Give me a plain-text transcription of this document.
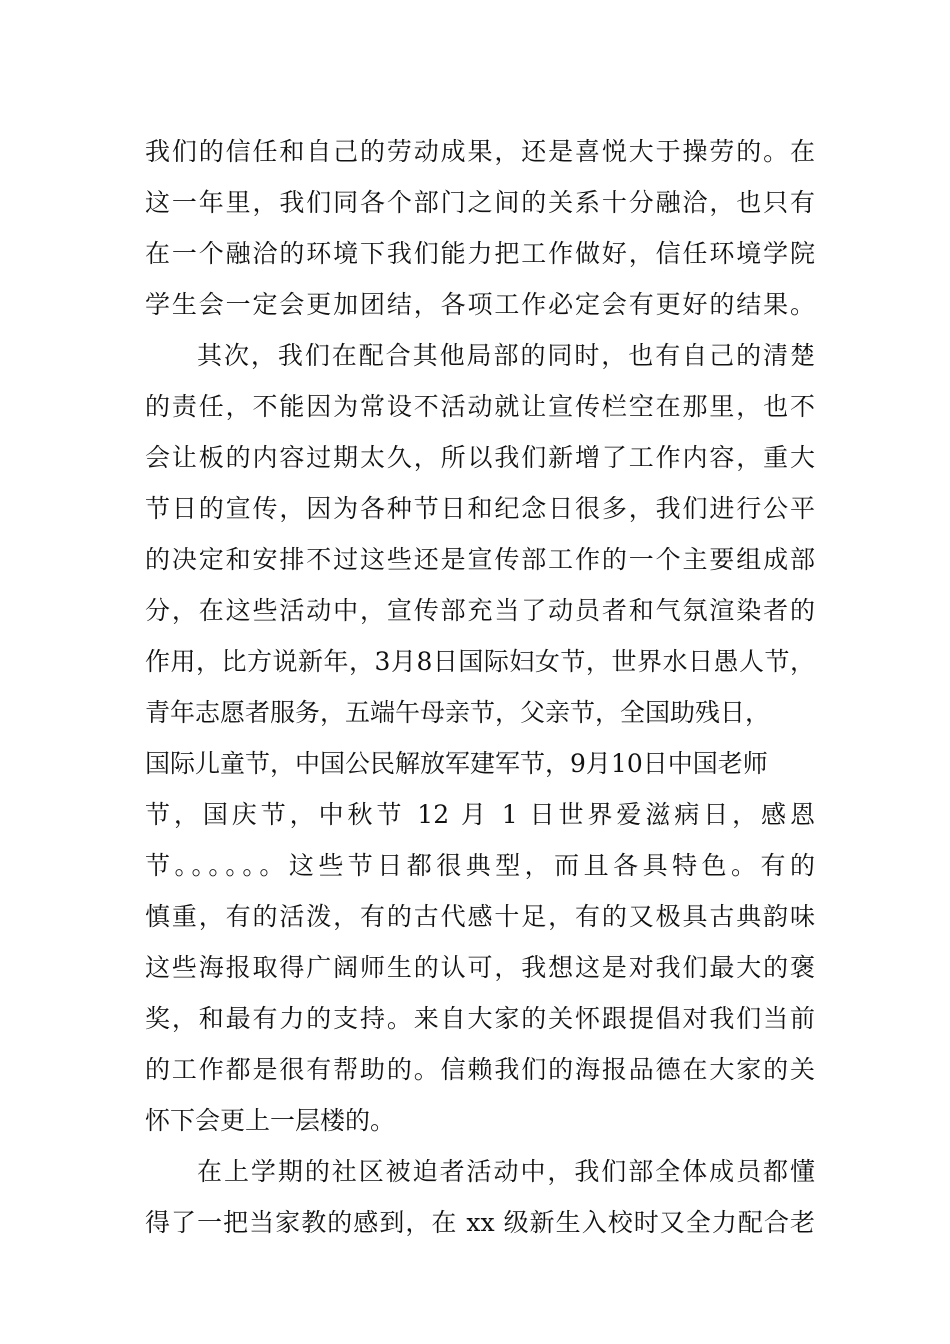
我们的信任和自己的劳动成果，还是喜悦大于操劳的。在
这一年里，我们同各个部门之间的关系十分融洽，也只有
在一个融洽的环境下我们能力把工作做好，信任环境学院
学生会一定会更加团结，各项工作必定会有更好的结果。
其次，我们在配合其他局部的同时，也有自己的清楚
的责任，不能因为常设不活动就让宣传栏空在那里，也不
会让板的内容过期太久，所以我们新增了工作内容，重大
节日的宣传，因为各种节日和纪念日很多，我们进行公平
的决定和安排不过这些还是宣传部工作的一个主要组成部
分，在这些活动中，宣传部充当了动员者和气氛渲染者的
作用，比方说新年，3月8日国际妇女节，世界水日愚人节，
青年志愿者服务，五端午母亲节，父亲节，全国助残日，
国际儿童节，中国公民解放军建军节，9月10日中国老师
节，国庆节，中秋节 12 月 1 日世界爱滋病日，感恩
节。。。。。。这些节日都很典型，而且各具特色。有的
慎重，有的活泼，有的古代感十足，有的又极具古典韵味
这些海报取得广阔师生的认可，我想这是对我们最大的褒
奖，和最有力的支持。来自大家的关怀跟提倡对我们当前
的工作都是很有帮助的。信赖我们的海报品德在大家的关
怀下会更上一层楼的。
在上学期的社区被迫者活动中，我们部全体成员都懂
得了一把当家教的感到，在 xx 级新生入校时又全力配合老
